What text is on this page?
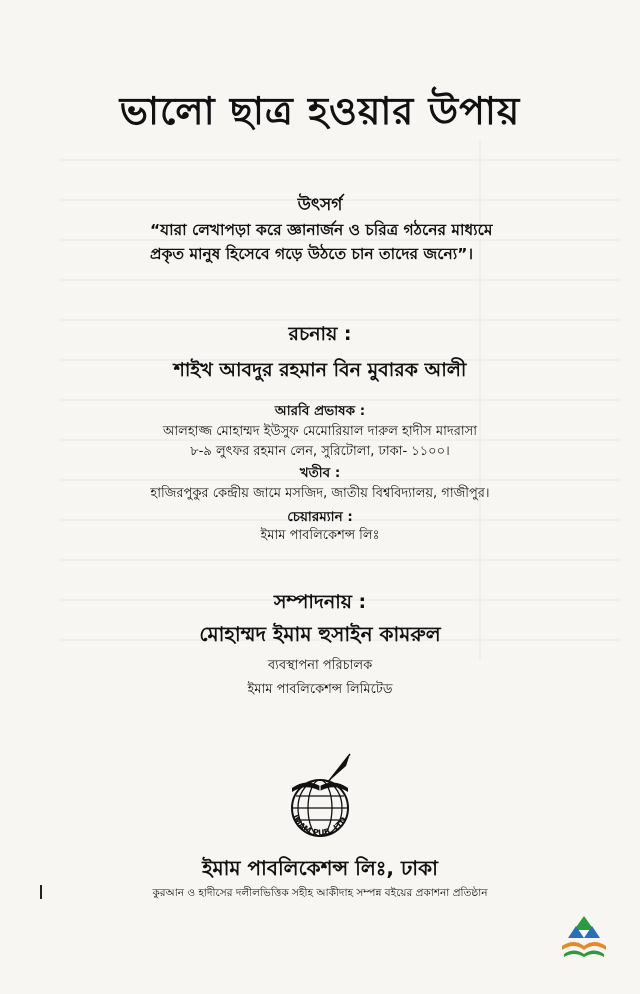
ভালো ছাত্র হওয়ার উপায়
উৎসর্গ
“যারা লেখাপড়া করে জ্ঞানার্জন ও চরিত্র গঠনের মাধ্যমে
প্রকৃত মানুষ হিসেবে গড়ে উঠতে চান তাদের জন্যে”।
রচনায় :
শাইখ আবদুর রহমান বিন মুবারক আলী
আরবি প্রভাষক :
আলহাজ্জ মোহাম্মদ ইউসুফ মেমোরিয়াল দারুল হাদীস মাদরাসা
৮-৯ লুৎফর রহমান লেন, সুরিটোলা, ঢাকা- ১১০০।
খতীব :
হাজিরপুকুর কেন্দ্রীয় জামে মসজিদ, জাতীয় বিশ্ববিদ্যালয়, গাজীপুর।
চেয়ারম্যান :
ইমাম পাবলিকেশন্স লিঃ
সম্পাদনায় :
মোহাম্মদ ইমাম হুসাইন কামরুল
ব্যবস্থাপনা পরিচালক
ইমাম পাবলিকেশন্স লিমিটেড
IMAM PUB. LTD.
ইমাম পাবলিকেশন্স লিঃ, ঢাকা
কুরআন ও হাদীসের দলীলভিত্তিক সহীহ আকীদাহ সম্পন্ন বইয়ের প্রকাশনা প্রতিষ্ঠান
